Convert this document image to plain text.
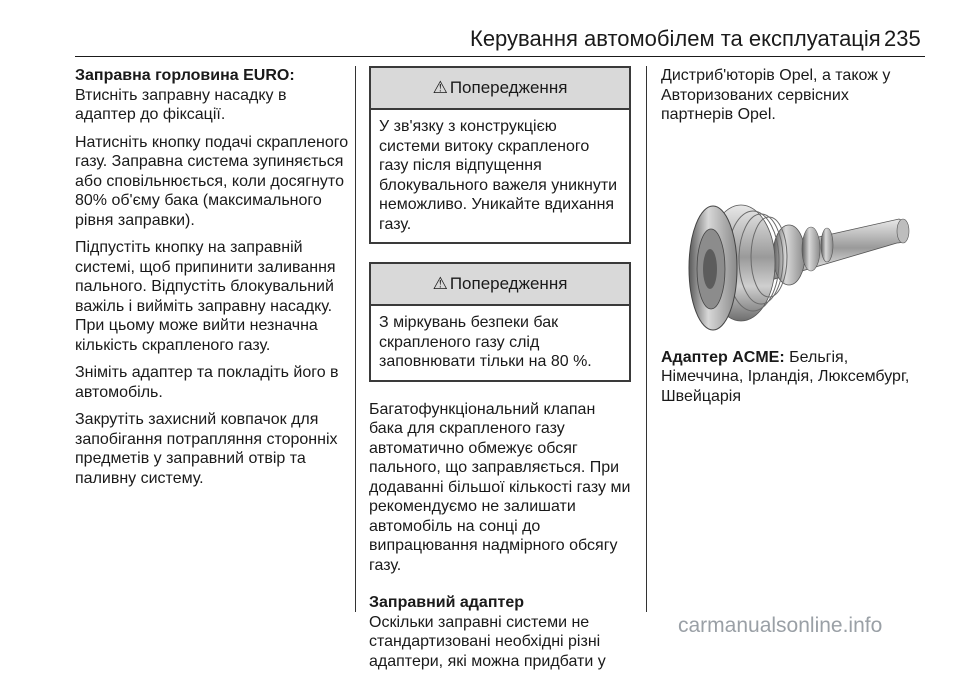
Керування автомобілем та експлуатація 235
Заправна горловина EURO:

Втисніть заправну насадку в адаптер до фіксації.

Натисніть кнопку подачі скрапленого газу. Заправна система зупиняється або сповільнюється, коли досягнуто 80% об'єму бака (максимального рівня заправки).

Підпустіть кнопку на заправній системі, щоб припинити заливання пального. Відпустіть блокувальний важіль і вийміть заправну насадку. При цьому може вийти незначна кількість скрапленого газу.

Зніміть адаптер та покладіть його в автомобіль.

Закрутіть захисний ковпачок для запобігання потрапляння сторонніх предметів у заправний отвір та паливну систему.

⚠ Попередження
У зв'язку з конструкцією системи витоку скрапленого газу після відпущення блокувального важеля уникнути неможливо. Уникайте вдихання газу.
⚠ Попередження
З міркувань безпеки бак скрапленого газу слід заповнювати тільки на 80 %.

Багатофункціональний клапан бака для скрапленого газу автоматично обмежує обсяг пального, що заправляється. При додаванні більшої кількості газу ми рекомендуємо не залишати автомобіль на сонці до випрацювання надмірного обсягу газу.

Заправний адаптер

Оскільки заправні системи не стандартизовані необхідні різні адаптери, які можна придбати у

Дистриб'юторів Opel, а також у Авторизованих сервісних партнерів Opel.

Адаптер ACME: Бельгія, Німеччина, Ірландія, Люксембург, Швейцарія
carmanualsonline.info
